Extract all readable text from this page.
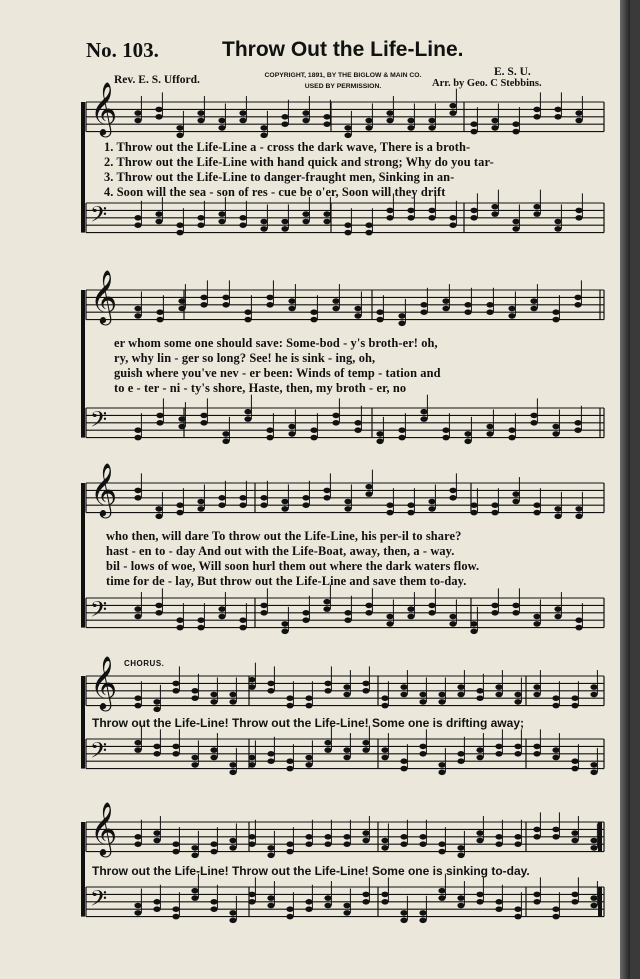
No. 103.	Throw Out the Life-Line.
Rev. E. S. Ufford.	COPYRIGHT, 1891, BY THE BIGLOW & MAIN CO.
USED BY PERMISSION.
E. S. U.
Arr. by Geo. C Stebbins.
𝄞
𝄢
𝄞
𝄢
𝄞
𝄢
𝄞
𝄢
𝄞
𝄢
1. Throw out the Life-Line a - cross the dark wave, There is a broth-
2. Throw out the Life-Line with hand quick and strong; Why do you tar-
3. Throw out the Life-Line to danger-fraught men, Sinking in an-
4. Soon will the sea - son of res - cue be o'er, Soon will they drift
er whom some one should save: Some-bod - y's broth-er! oh,
ry, why lin - ger so long? See! he is sink - ing, oh,
guish where you've nev - er been: Winds of temp - tation and
to e - ter - ni - ty's shore, Haste, then, my broth - er, no
who then, will dare To throw out the Life-Line, his per-il to share?
hast - en to - day And out with the Life-Boat, away, then, a - way.
bil - lows of woe, Will soon hurl them out where the dark waters flow.
time for de - lay, But throw out the Life-Line and save them to-day.
CHORUS.
Throw out the Life-Line! Throw out the Life-Line! Some one is drifting away;
Throw out the Life-Line! Throw out the Life-Line! Some one is sinking to-day.
